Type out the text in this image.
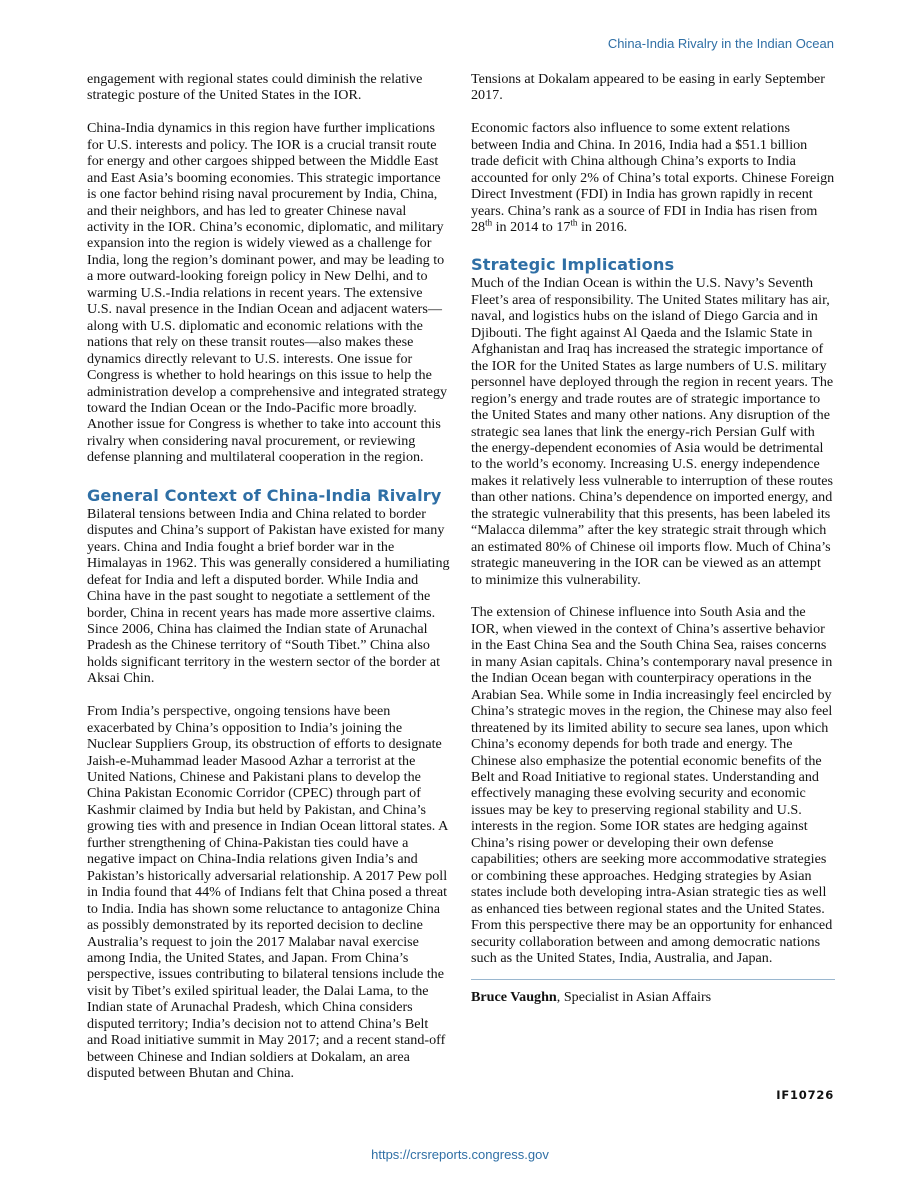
China-India Rivalry in the Indian Ocean

engagement with regional states could diminish the relative strategic posture of the United States in the IOR.

China-India dynamics in this region have further implications for U.S. interests and policy. The IOR is a crucial transit route for energy and other cargoes shipped between the Middle East and East Asia’s booming economies. This strategic importance is one factor behind rising naval procurement by India, China, and their neighbors, and has led to greater Chinese naval activity in the IOR. China’s economic, diplomatic, and military expansion into the region is widely viewed as a challenge for India, long the region’s dominant power, and may be leading to a more outward-looking foreign policy in New Delhi, and to warming U.S.-India relations in recent years. The extensive U.S. naval presence in the Indian Ocean and adjacent waters—along with U.S. diplomatic and economic relations with the nations that rely on these transit routes—also makes these dynamics directly relevant to U.S. interests. One issue for Congress is whether to hold hearings on this issue to help the administration develop a comprehensive and integrated strategy toward the Indian Ocean or the Indo-Pacific more broadly. Another issue for Congress is whether to take into account this rivalry when considering naval procurement, or reviewing defense planning and multilateral cooperation in the region.

General Context of China-India Rivalry

Bilateral tensions between India and China related to border disputes and China’s support of Pakistan have existed for many years. China and India fought a brief border war in the Himalayas in 1962. This was generally considered a humiliating defeat for India and left a disputed border. While India and China have in the past sought to negotiate a settlement of the border, China in recent years has made more assertive claims. Since 2006, China has claimed the Indian state of Arunachal Pradesh as the Chinese territory of “South Tibet.” China also holds significant territory in the western sector of the border at Aksai Chin.

From India’s perspective, ongoing tensions have been exacerbated by China’s opposition to India’s joining the Nuclear Suppliers Group, its obstruction of efforts to designate Jaish-e-Muhammad leader Masood Azhar a terrorist at the United Nations, Chinese and Pakistani plans to develop the China Pakistan Economic Corridor (CPEC) through part of Kashmir claimed by India but held by Pakistan, and China’s growing ties with and presence in Indian Ocean littoral states. A further strengthening of China-Pakistan ties could have a negative impact on China-India relations given India’s and Pakistan’s historically adversarial relationship. A 2017 Pew poll in India found that 44% of Indians felt that China posed a threat to India. India has shown some reluctance to antagonize China as possibly demonstrated by its reported decision to decline Australia’s request to join the 2017 Malabar naval exercise among India, the United States, and Japan. From China’s perspective, issues contributing to bilateral tensions include the visit by Tibet’s exiled spiritual leader, the Dalai Lama, to the Indian state of Arunachal Pradesh, which China considers disputed territory; India’s decision not to attend China’s Belt and Road initiative summit in May 2017; and a recent stand-off between Chinese and Indian soldiers at Dokalam, an area disputed between Bhutan and China.

Tensions at Dokalam appeared to be easing in early September 2017.

Economic factors also influence to some extent relations between India and China. In 2016, India had a $51.1 billion trade deficit with China although China’s exports to India accounted for only 2% of China’s total exports. Chinese Foreign Direct Investment (FDI) in India has grown rapidly in recent years. China’s rank as a source of FDI in India has risen from 28th in 2014 to 17th in 2016.

Strategic Implications

Much of the Indian Ocean is within the U.S. Navy’s Seventh Fleet’s area of responsibility. The United States military has air, naval, and logistics hubs on the island of Diego Garcia and in Djibouti. The fight against Al Qaeda and the Islamic State in Afghanistan and Iraq has increased the strategic importance of the IOR for the United States as large numbers of U.S. military personnel have deployed through the region in recent years. The region’s energy and trade routes are of strategic importance to the United States and many other nations. Any disruption of the strategic sea lanes that link the energy-rich Persian Gulf with the energy-dependent economies of Asia would be detrimental to the world’s economy. Increasing U.S. energy independence makes it relatively less vulnerable to interruption of these routes than other nations. China’s dependence on imported energy, and the strategic vulnerability that this presents, has been labeled its “Malacca dilemma” after the key strategic strait through which an estimated 80% of Chinese oil imports flow. Much of China’s strategic maneuvering in the IOR can be viewed as an attempt to minimize this vulnerability.

The extension of Chinese influence into South Asia and the IOR, when viewed in the context of China’s assertive behavior in the East China Sea and the South China Sea, raises concerns in many Asian capitals. China’s contemporary naval presence in the Indian Ocean began with counterpiracy operations in the Arabian Sea. While some in India increasingly feel encircled by China’s strategic moves in the region, the Chinese may also feel threatened by its limited ability to secure sea lanes, upon which China’s economy depends for both trade and energy. The Chinese also emphasize the potential economic benefits of the Belt and Road Initiative to regional states. Understanding and effectively managing these evolving security and economic issues may be key to preserving regional stability and U.S. interests in the region. Some IOR states are hedging against China’s rising power or developing their own defense capabilities; others are seeking more accommodative strategies or combining these approaches. Hedging strategies by Asian states include both developing intra-Asian strategic ties as well as enhanced ties between regional states and the United States. From this perspective there may be an opportunity for enhanced security collaboration between and among democratic nations such as the United States, India, Australia, and Japan.

Bruce Vaughn, Specialist in Asian Affairs
IF10726
https://crsreports.congress.gov
